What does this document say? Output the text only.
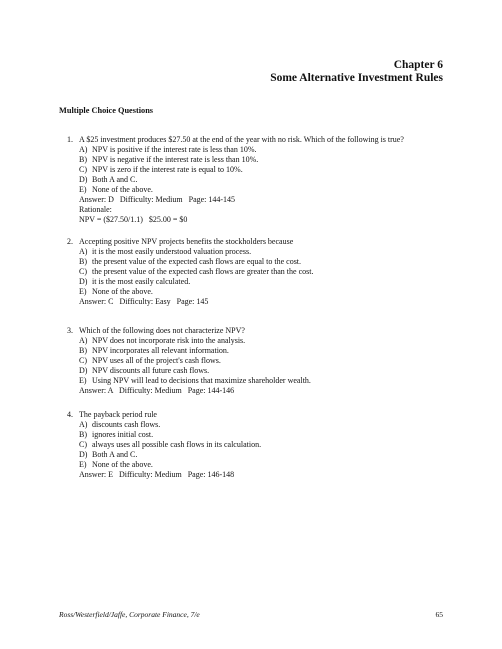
Chapter 6
Some Alternative Investment Rules
Multiple Choice Questions
1. A $25 investment produces $27.50 at the end of the year with no risk. Which of the following is true?
A) NPV is positive if the interest rate is less than 10%.
B) NPV is negative if the interest rate is less than 10%.
C) NPV is zero if the interest rate is equal to 10%.
D) Both A and C.
E) None of the above.
Answer: D   Difficulty: Medium   Page: 144-145
Rationale:
NPV = ($27.50/1.1)   $25.00 = $0
2. Accepting positive NPV projects benefits the stockholders because
A) it is the most easily understood valuation process.
B) the present value of the expected cash flows are equal to the cost.
C) the present value of the expected cash flows are greater than the cost.
D) it is the most easily calculated.
E) None of the above.
Answer: C   Difficulty: Easy   Page: 145
3. Which of the following does not characterize NPV?
A) NPV does not incorporate risk into the analysis.
B) NPV incorporates all relevant information.
C) NPV uses all of the project's cash flows.
D) NPV discounts all future cash flows.
E) Using NPV will lead to decisions that maximize shareholder wealth.
Answer: A   Difficulty: Medium   Page: 144-146
4. The payback period rule
A) discounts cash flows.
B) ignores initial cost.
C) always uses all possible cash flows in its calculation.
D) Both A and C.
E) None of the above.
Answer: E   Difficulty: Medium   Page: 146-148
Ross/Westerfield/Jaffe, Corporate Finance, 7/e	65
